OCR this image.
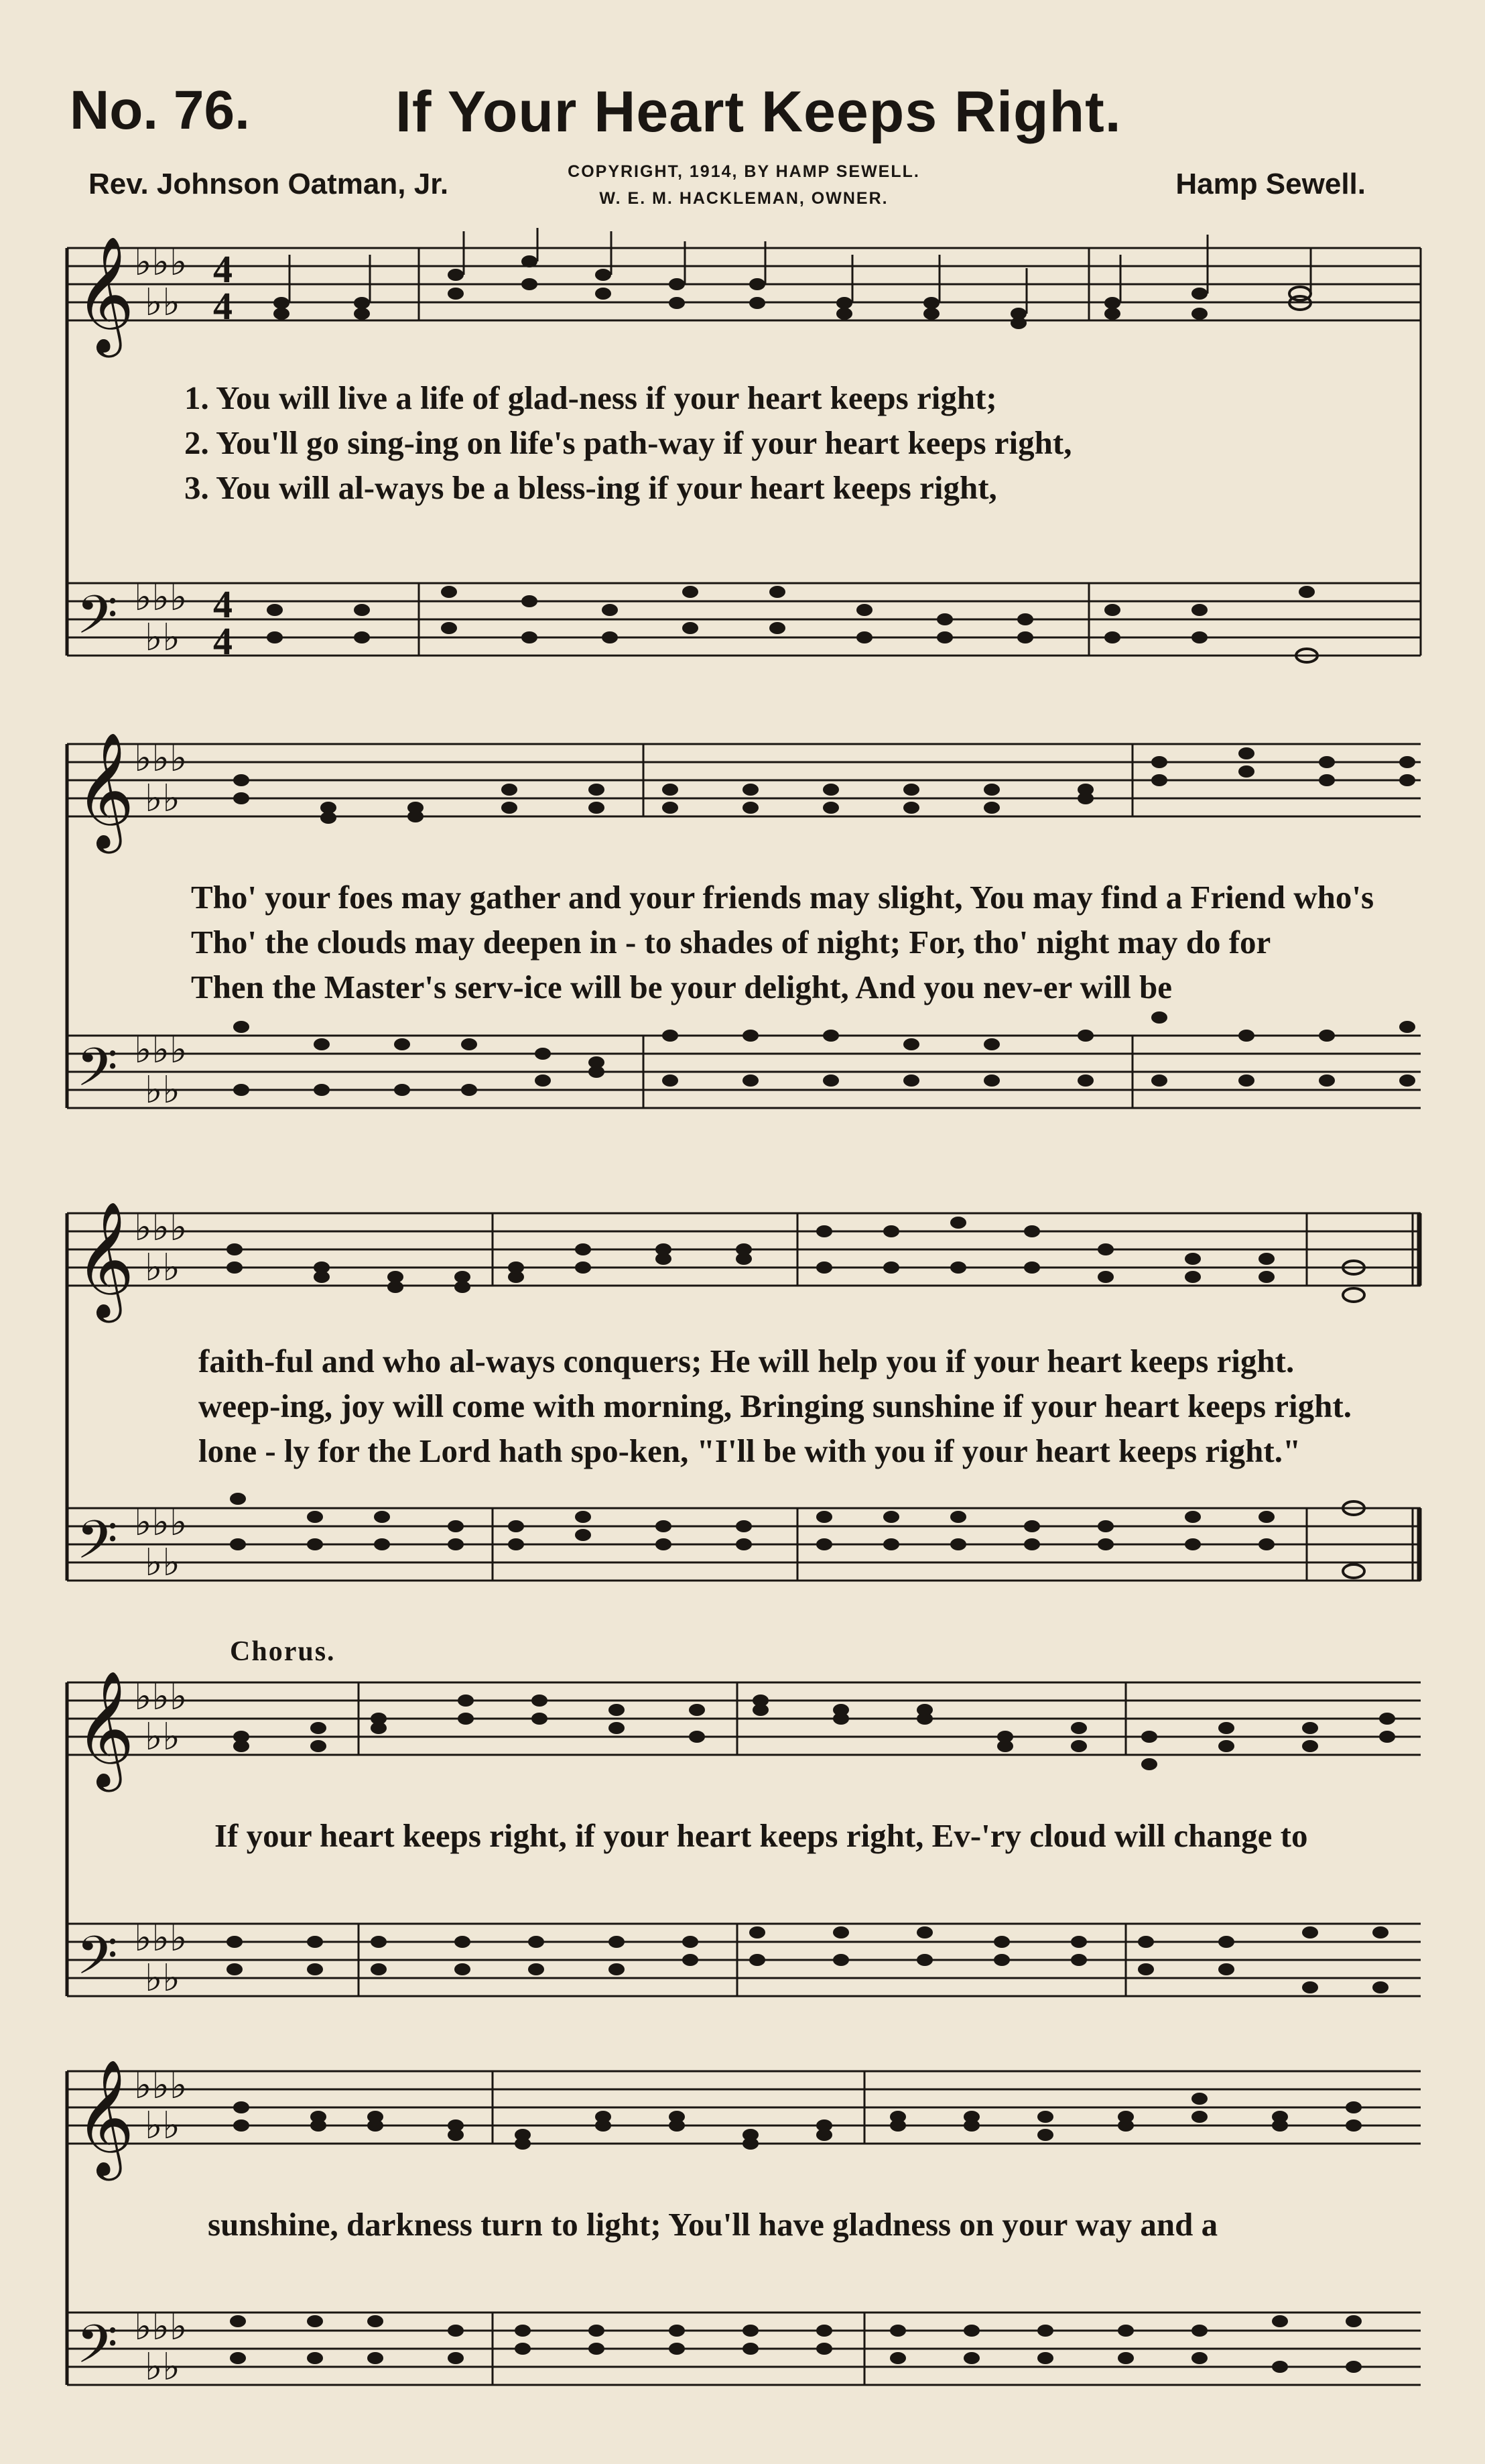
No. 76.	If Your Heart Keeps Right.
Rev. Johnson Oatman, Jr.	COPYRIGHT, 1914, BY HAMP SEWELL.
W. E. M. HACKLEMAN, OWNER.	Hamp Sewell.
𝄞
𝄢
♭♭♭
♭♭
♭♭♭
♭♭
4
4
4
4
1. You will live a life of glad-ness if your heart keeps right;
2. You'll go sing-ing on life's path-way if your heart keeps right,
3. You will al-ways be a bless-ing if your heart keeps right,
𝄞
𝄢
♭♭♭
♭♭
♭♭♭
♭♭
Tho' your foes may gather and your friends may slight, You may find a Friend who's
Tho' the clouds may deepen in - to shades of night; For, tho' night may do for
Then the Master's serv-ice will be your delight, And you nev-er will be
𝄞
𝄢
♭♭♭
♭♭
♭♭♭
♭♭
faith-ful and who al-ways conquers; He will help you if your heart keeps right.
weep-ing, joy will come with morning, Bringing sunshine if your heart keeps right.
lone - ly for the Lord hath spo-ken, "I'll be with you if your heart keeps right."
Chorus.
𝄞
𝄢
♭♭♭
♭♭
♭♭♭
♭♭
If your heart keeps right, if your heart keeps right, Ev-'ry cloud will change to
𝄞
𝄢
♭♭♭
♭♭
♭♭♭
♭♭
sunshine, darkness turn to light; You'll have gladness on your way and a
